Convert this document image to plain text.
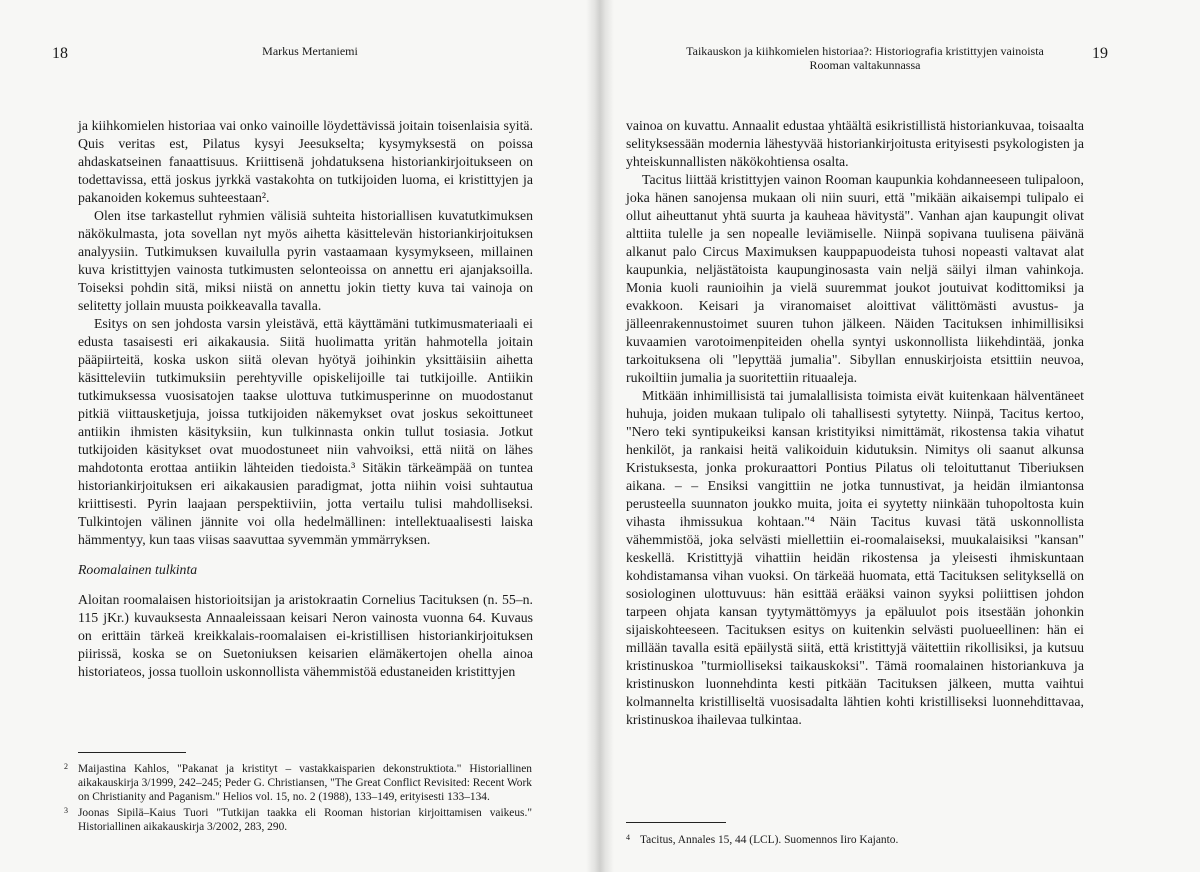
18	Markus Mertaniemi

ja kiihkomielen historiaa vai onko vainoille löydettävissä joitain toisenlaisia syitä. Quis veritas est, Pilatus kysyi Jeesukselta; kysymyksestä on poissa ahdaskatseinen fanaattisuus. Kriittisenä johdatuksena historiankirjoitukseen on todettavissa, että joskus jyrkkä vastakohta on tutkijoiden luoma, ei kristittyjen ja pakanoiden kokemus suhteestaan².

Olen itse tarkastellut ryhmien välisiä suhteita historiallisen kuvatutkimuksen näkökulmasta, jota sovellan nyt myös aihetta käsittelevän historiankirjoituksen analyysiin. Tutkimuksen kuvailulla pyrin vastaamaan kysymykseen, millainen kuva kristittyjen vainosta tutkimusten selonteoissa on annettu eri ajanjaksoilla. Toiseksi pohdin sitä, miksi niistä on annettu jokin tietty kuva tai vainoja on selitetty jollain muusta poikkeavalla tavalla.

Esitys on sen johdosta varsin yleistävä, että käyttämäni tutkimusmateriaali ei edusta tasaisesti eri aikakausia. Siitä huolimatta yritän hahmotella joitain pääpiirteitä, koska uskon siitä olevan hyötyä joihinkin yksittäisiin aihetta käsitteleviin tutkimuksiin perehtyville opiskelijoille tai tutkijoille. Antiikin tutkimuksessa vuosisatojen taakse ulottuva tutkimusperinne on muodostanut pitkiä viittausketjuja, joissa tutkijoiden näkemykset ovat joskus sekoittuneet antiikin ihmisten käsityksiin, kun tulkinnasta onkin tullut tosiasia. Jotkut tutkijoiden käsitykset ovat muodostuneet niin vahvoiksi, että niitä on lähes mahdotonta erottaa antiikin lähteiden tiedoista.³ Sitäkin tärkeämpää on tuntea historiankirjoituksen eri aikakausien paradigmat, jotta niihin voisi suhtautua kriittisesti. Pyrin laajaan perspektiiviin, jotta vertailu tulisi mahdolliseksi. Tulkintojen välinen jännite voi olla hedelmällinen: intellektuaalisesti laiska hämmentyy, kun taas viisas saavuttaa syvemmän ymmärryksen.

Roomalainen tulkinta

Aloitan roomalaisen historioitsijan ja aristokraatin Cornelius Tacituksen (n. 55–n. 115 jKr.) kuvauksesta Annaaleissaan keisari Neron vainosta vuonna 64. Kuvaus on erittäin tärkeä kreikkalais-roomalaisen ei-kristillisen historiankirjoituksen piirissä, koska se on Suetoniuksen keisarien elämäkertojen ohella ainoa historiateos, jossa tuolloin uskonnollista vähemmistöä edustaneiden kristittyjen

2 Maijastina Kahlos, "Pakanat ja kristityt – vastakkaisparien dekonstruktiota." Historiallinen aikakauskirja 3/1999, 242–245; Peder G. Christiansen, "The Great Conflict Revisited: Recent Work on Christianity and Paganism." Helios vol. 15, no. 2 (1988), 133–149, erityisesti 133–134.
3 Joonas Sipilä–Kaius Tuori "Tutkijan taakka eli Rooman historian kirjoittamisen vaikeus." Historiallinen aikakauskirja 3/2002, 283, 290.
Taikauskon ja kiihkomielen historiaa?: Historiografia kristittyjen vainoista
Rooman valtakunnassa
19

vainoa on kuvattu. Annaalit edustaa yhtäältä esikristillistä historiankuvaa, toisaalta selityksessään modernia lähestyvää historiankirjoitusta erityisesti psykologisten ja yhteiskunnallisten näkökohtiensa osalta.

Tacitus liittää kristittyjen vainon Rooman kaupunkia kohdanneeseen tulipaloon, joka hänen sanojensa mukaan oli niin suuri, että "mikään aikaisempi tulipalo ei ollut aiheuttanut yhtä suurta ja kauheaa hävitystä". Vanhan ajan kaupungit olivat alttiita tulelle ja sen nopealle leviämiselle. Niinpä sopivana tuulisena päivänä alkanut palo Circus Maximuksen kauppapuodeista tuhosi nopeasti valtavat alat kaupunkia, neljästätoista kaupunginosasta vain neljä säilyi ilman vahinkoja. Monia kuoli raunioihin ja vielä suuremmat joukot joutuivat kodittomiksi ja evakkoon. Keisari ja viranomaiset aloittivat välittömästi avustus- ja jälleenrakennustoimet suuren tuhon jälkeen. Näiden Tacituksen inhimillisiksi kuvaamien varotoimenpiteiden ohella syntyi uskonnollista liikehdintää, jonka tarkoituksena oli "lepyttää jumalia". Sibyllan ennuskirjoista etsittiin neuvoa, rukoiltiin jumalia ja suoritettiin rituaaleja.

Mitkään inhimillisistä tai jumalallisista toimista eivät kuitenkaan hälventäneet huhuja, joiden mukaan tulipalo oli tahallisesti sytytetty. Niinpä, Tacitus kertoo, "Nero teki syntipukeiksi kansan kristityiksi nimittämät, rikostensa takia vihatut henkilöt, ja rankaisi heitä valikoiduin kidutuksin. Nimitys oli saanut alkunsa Kristuksesta, jonka prokuraattori Pontius Pilatus oli teloituttanut Tiberiuksen aikana. – – Ensiksi vangittiin ne jotka tunnustivat, ja heidän ilmiantonsa perusteella suunnaton joukko muita, joita ei syytetty niinkään tuhopoltosta kuin vihasta ihmissukua kohtaan."⁴ Näin Tacitus kuvasi tätä uskonnollista vähemmistöä, joka selvästi miellettiin ei-roomalaiseksi, muukalaisiksi "kansan" keskellä. Kristittyjä vihattiin heidän rikostensa ja yleisesti ihmiskuntaan kohdistamansa vihan vuoksi. On tärkeää huomata, että Tacituksen selityksellä on sosiologinen ulottuvuus: hän esittää erääksi vainon syyksi poliittisen johdon tarpeen ohjata kansan tyytymättömyys ja epäluulot pois itsestään johonkin sijaiskohteeseen. Tacituksen esitys on kuitenkin selvästi puolueellinen: hän ei millään tavalla esitä epäilystä siitä, että kristittyjä väitettiin rikollisiksi, ja kutsuu kristinuskoa "turmiolliseksi taikauskoksi". Tämä roomalainen historiankuva ja kristinuskon luonnehdinta kesti pitkään Tacituksen jälkeen, mutta vaihtui kolmannelta kristilliseltä vuosisadalta lähtien kohti kristilliseksi luonnehdittavaa, kristinuskoa ihailevaa tulkintaa.

4 Tacitus, Annales 15, 44 (LCL). Suomennos Iiro Kajanto.
